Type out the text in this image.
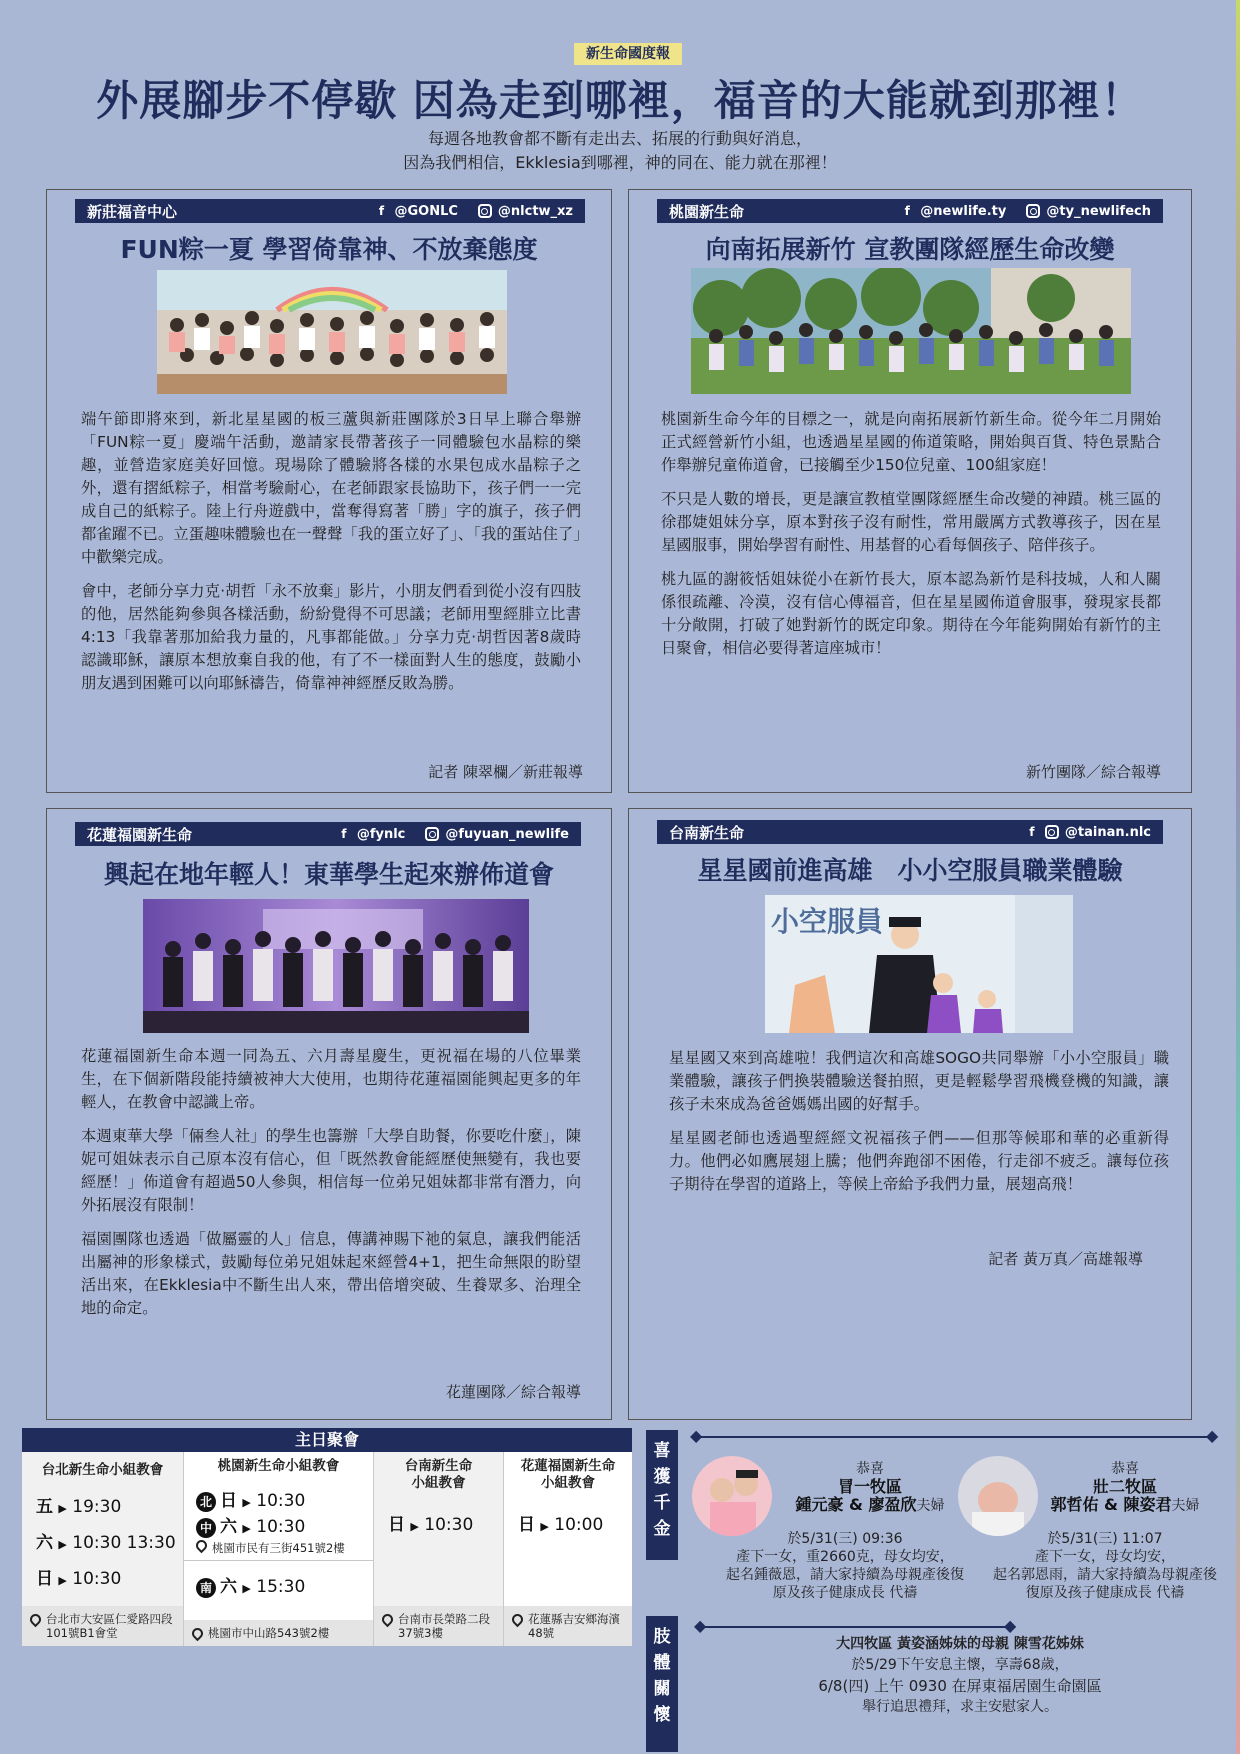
新生命國度報
外展腳步不停歇 因為走到哪裡，福音的大能就到那裡！
每週各地教會都不斷有走出去、拓展的行動與好消息，
因為我們相信，Ekklesia到哪裡，神的同在、能力就在那裡！
新莊福音中心	f @GONLC	@nlctw_xz
FUN粽一夏 學習倚靠神、不放棄態度

端午節即將來到，新北星星國的板三蘆與新莊團隊於3日早上聯合舉辦「FUN粽一夏」慶端午活動，邀請家長帶著孩子一同體驗包水晶粽的樂趣，並營造家庭美好回憶。現場除了體驗將各樣的水果包成水晶粽子之外，還有摺紙粽子，相當考驗耐心，在老師跟家長協助下，孩子們一一完成自己的紙粽子。陸上行舟遊戲中，當奪得寫著「勝」字的旗子，孩子們都雀躍不已。立蛋趣味體驗也在一聲聲「我的蛋立好了」、「我的蛋站住了」中歡樂完成。

會中，老師分享力克·胡哲「永不放棄」影片，小朋友們看到從小沒有四肢的他，居然能夠參與各樣活動，紛紛覺得不可思議；老師用聖經腓立比書4:13「我靠著那加給我力量的，凡事都能做。」分享力克·胡哲因著8歲時認識耶穌，讓原本想放棄自我的他，有了不一樣面對人生的態度，鼓勵小朋友遇到困難可以向耶穌禱告，倚靠神神經歷反敗為勝。

記者 陳翠欄／新莊報導
桃園新生命	f @newlife.ty	@ty_newlifech
向南拓展新竹 宣教團隊經歷生命改變

桃園新生命今年的目標之一，就是向南拓展新竹新生命。從今年二月開始正式經營新竹小組，也透過星星國的佈道策略，開始與百貨、特色景點合作舉辦兒童佈道會，已接觸至少150位兒童、100組家庭！

不只是人數的增長，更是讓宣教植堂團隊經歷生命改變的神蹟。桃三區的徐郡婕姐妹分享，原本對孩子沒有耐性，常用嚴厲方式教導孩子，因在星星國服事，開始學習有耐性、用基督的心看每個孩子、陪伴孩子。

桃九區的謝筱恬姐妹從小在新竹長大，原本認為新竹是科技城，人和人關係很疏離、冷漠，沒有信心傳福音，但在星星國佈道會服事，發現家長都十分敞開，打破了她對新竹的既定印象。期待在今年能夠開始有新竹的主日聚會，相信必要得著這座城市！

新竹團隊／綜合報導
花蓮福園新生命	f @fynlc	@fuyuan_newlife
興起在地年輕人！東華學生起來辦佈道會

花蓮福園新生命本週一同為五、六月壽星慶生，更祝福在場的八位畢業生，在下個新階段能持續被神大大使用，也期待花蓮福園能興起更多的年輕人，在教會中認識上帝。

本週東華大學「倆叁人社」的學生也籌辦「大學自助餐，你要吃什麼」，陳妮可姐妹表示自己原本沒有信心，但「既然教會能經歷使無變有，我也要經歷！」佈道會有超過50人參與，相信每一位弟兄姐妹都非常有潛力，向外拓展沒有限制！

福園團隊也透過「做屬靈的人」信息，傳講神賜下祂的氣息，讓我們能活出屬神的形象樣式，鼓勵每位弟兄姐妹起來經營4+1，把生命無限的盼望活出來，在Ekklesia中不斷生出人來，帶出倍增突破、生養眾多、治理全地的命定。

花蓮團隊／綜合報導
台南新生命	f	@tainan.nlc
星星國前進高雄　小小空服員職業體驗
小空服員

星星國又來到高雄啦！我們這次和高雄SOGO共同舉辦「小小空服員」職業體驗，讓孩子們換裝體驗送餐拍照，更是輕鬆學習飛機登機的知識，讓孩子未來成為爸爸媽媽出國的好幫手。

星星國老師也透過聖經經文祝福孩子們——但那等候耶和華的必重新得力。他們必如鷹展翅上騰；他們奔跑卻不困倦，行走卻不疲乏。讓每位孩子期待在學習的道路上，等候上帝給予我們力量，展翅高飛！

記者 黃万真／高雄報導
主日聚會
台北新生命小組教會
五 ▶ 19:30
六 ▶ 10:30 13:30
日 ▶ 10:30
台北市大安區仁愛路四段101號B1會堂
桃園新生命小組教會
北 日 ▶ 10:30
中 六 ▶ 10:30
桃園市民有三街451號2樓
南 六 ▶ 15:30
桃園市中山路543號2樓
台南新生命
小組教會
日 ▶ 10:30
台南市長榮路二段37號3樓
花蓮福園新生命
小組教會
日 ▶ 10:00
花蓮縣吉安鄉海濱48號
喜獲千金
◆	◆
恭喜
冒一牧區
鍾元豪 & 廖盈欣夫婦
於5/31(三) 09:36
產下一女，重2660克，母女均安，
起名鍾薇恩，請大家持續為母親產後復
原及孩子健康成長 代禱
恭喜
壯二牧區
郭哲佑 & 陳姿君夫婦
於5/31(三) 11:07
產下一女，母女均安，
起名郭恩雨，請大家持續為母親產後
復原及孩子健康成長 代禱
肢體關懷
◆	◆
大四牧區 黃姿涵姊妹的母親 陳雪花姊妹
於5/29下午安息主懷，享壽68歲，
6/8(四) 上午 0930 在屏東福居園生命園區
舉行追思禮拜，求主安慰家人。
